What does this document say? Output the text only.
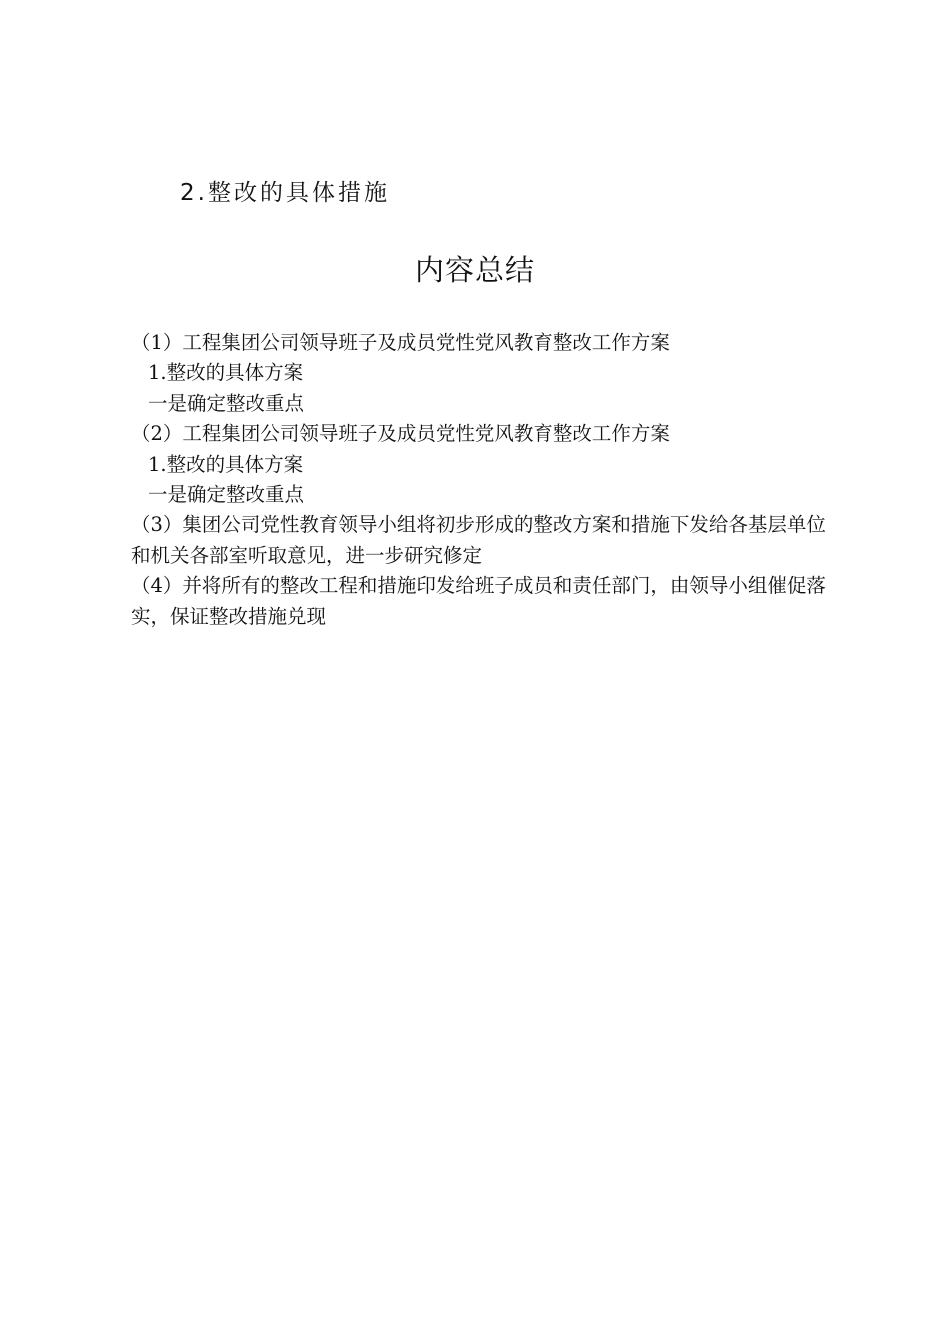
2.整改的具体措施
内容总结
（1）工程集团公司领导班子及成员党性党风教育整改工作方案
1.整改的具体方案
一是确定整改重点
（2）工程集团公司领导班子及成员党性党风教育整改工作方案
1.整改的具体方案
一是确定整改重点
（3）集团公司党性教育领导小组将初步形成的整改方案和措施下发给各基层单位和机关各部室听取意见，进一步研究修定
（4）并将所有的整改工程和措施印发给班子成员和责任部门，由领导小组催促落实，保证整改措施兑现
